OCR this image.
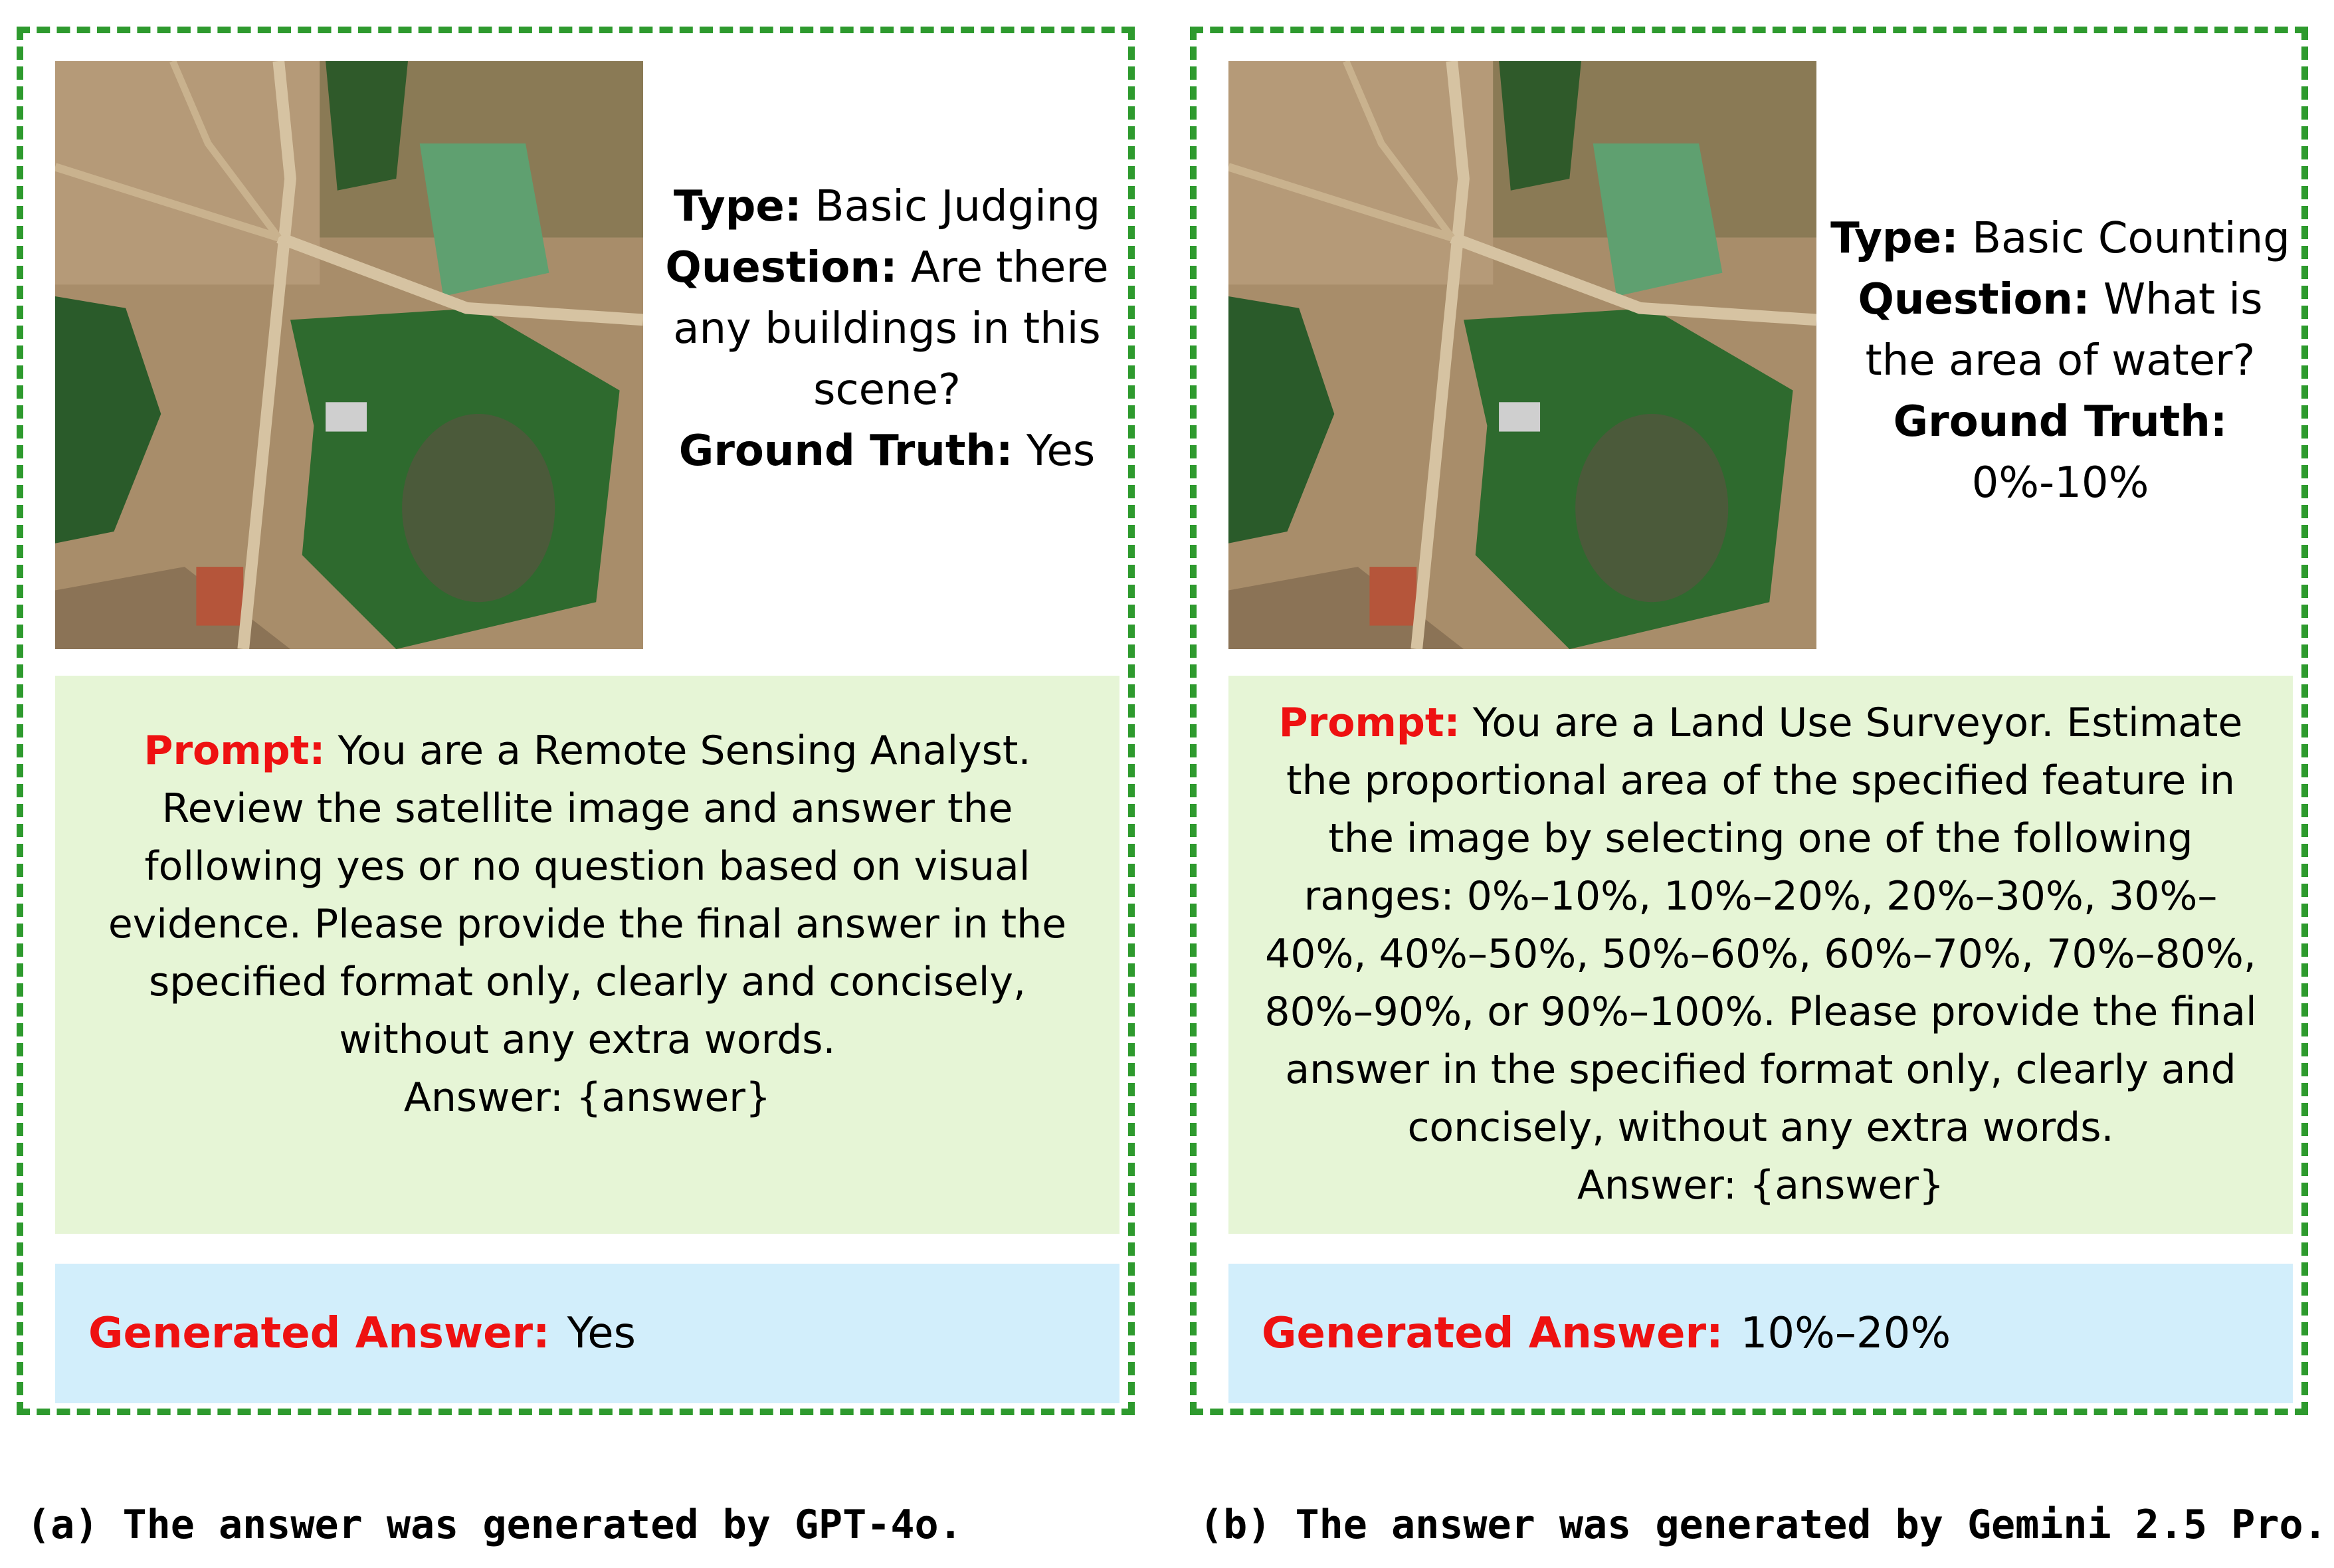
Type: Basic Judging
Question: Are there any buildings in this scene?
Ground Truth: Yes
Prompt: You are a Remote Sensing Analyst. Review the satellite image and answer the following yes or no question based on visual evidence. Please provide the final answer in the specified format only, clearly and concisely, without any extra words.
Answer: {answer}
Generated Answer: Yes
Type: Basic Counting
Question: What is the area of water?
Ground Truth:
0%-10%
Prompt: You are a Land Use Surveyor. Estimate the proportional area of the specified feature in the image by selecting one of the following ranges: 0%–10%, 10%–20%, 20%–30%, 30%–40%, 40%–50%, 50%–60%, 60%–70%, 70%–80%, 80%–90%, or 90%–100%. Please provide the final answer in the specified format only, clearly and concisely, without any extra words.
Answer: {answer}
Generated Answer: 10%–20%
(a) The answer was generated by GPT-4o.	(b) The answer was generated by Gemini 2.5 Pro.
